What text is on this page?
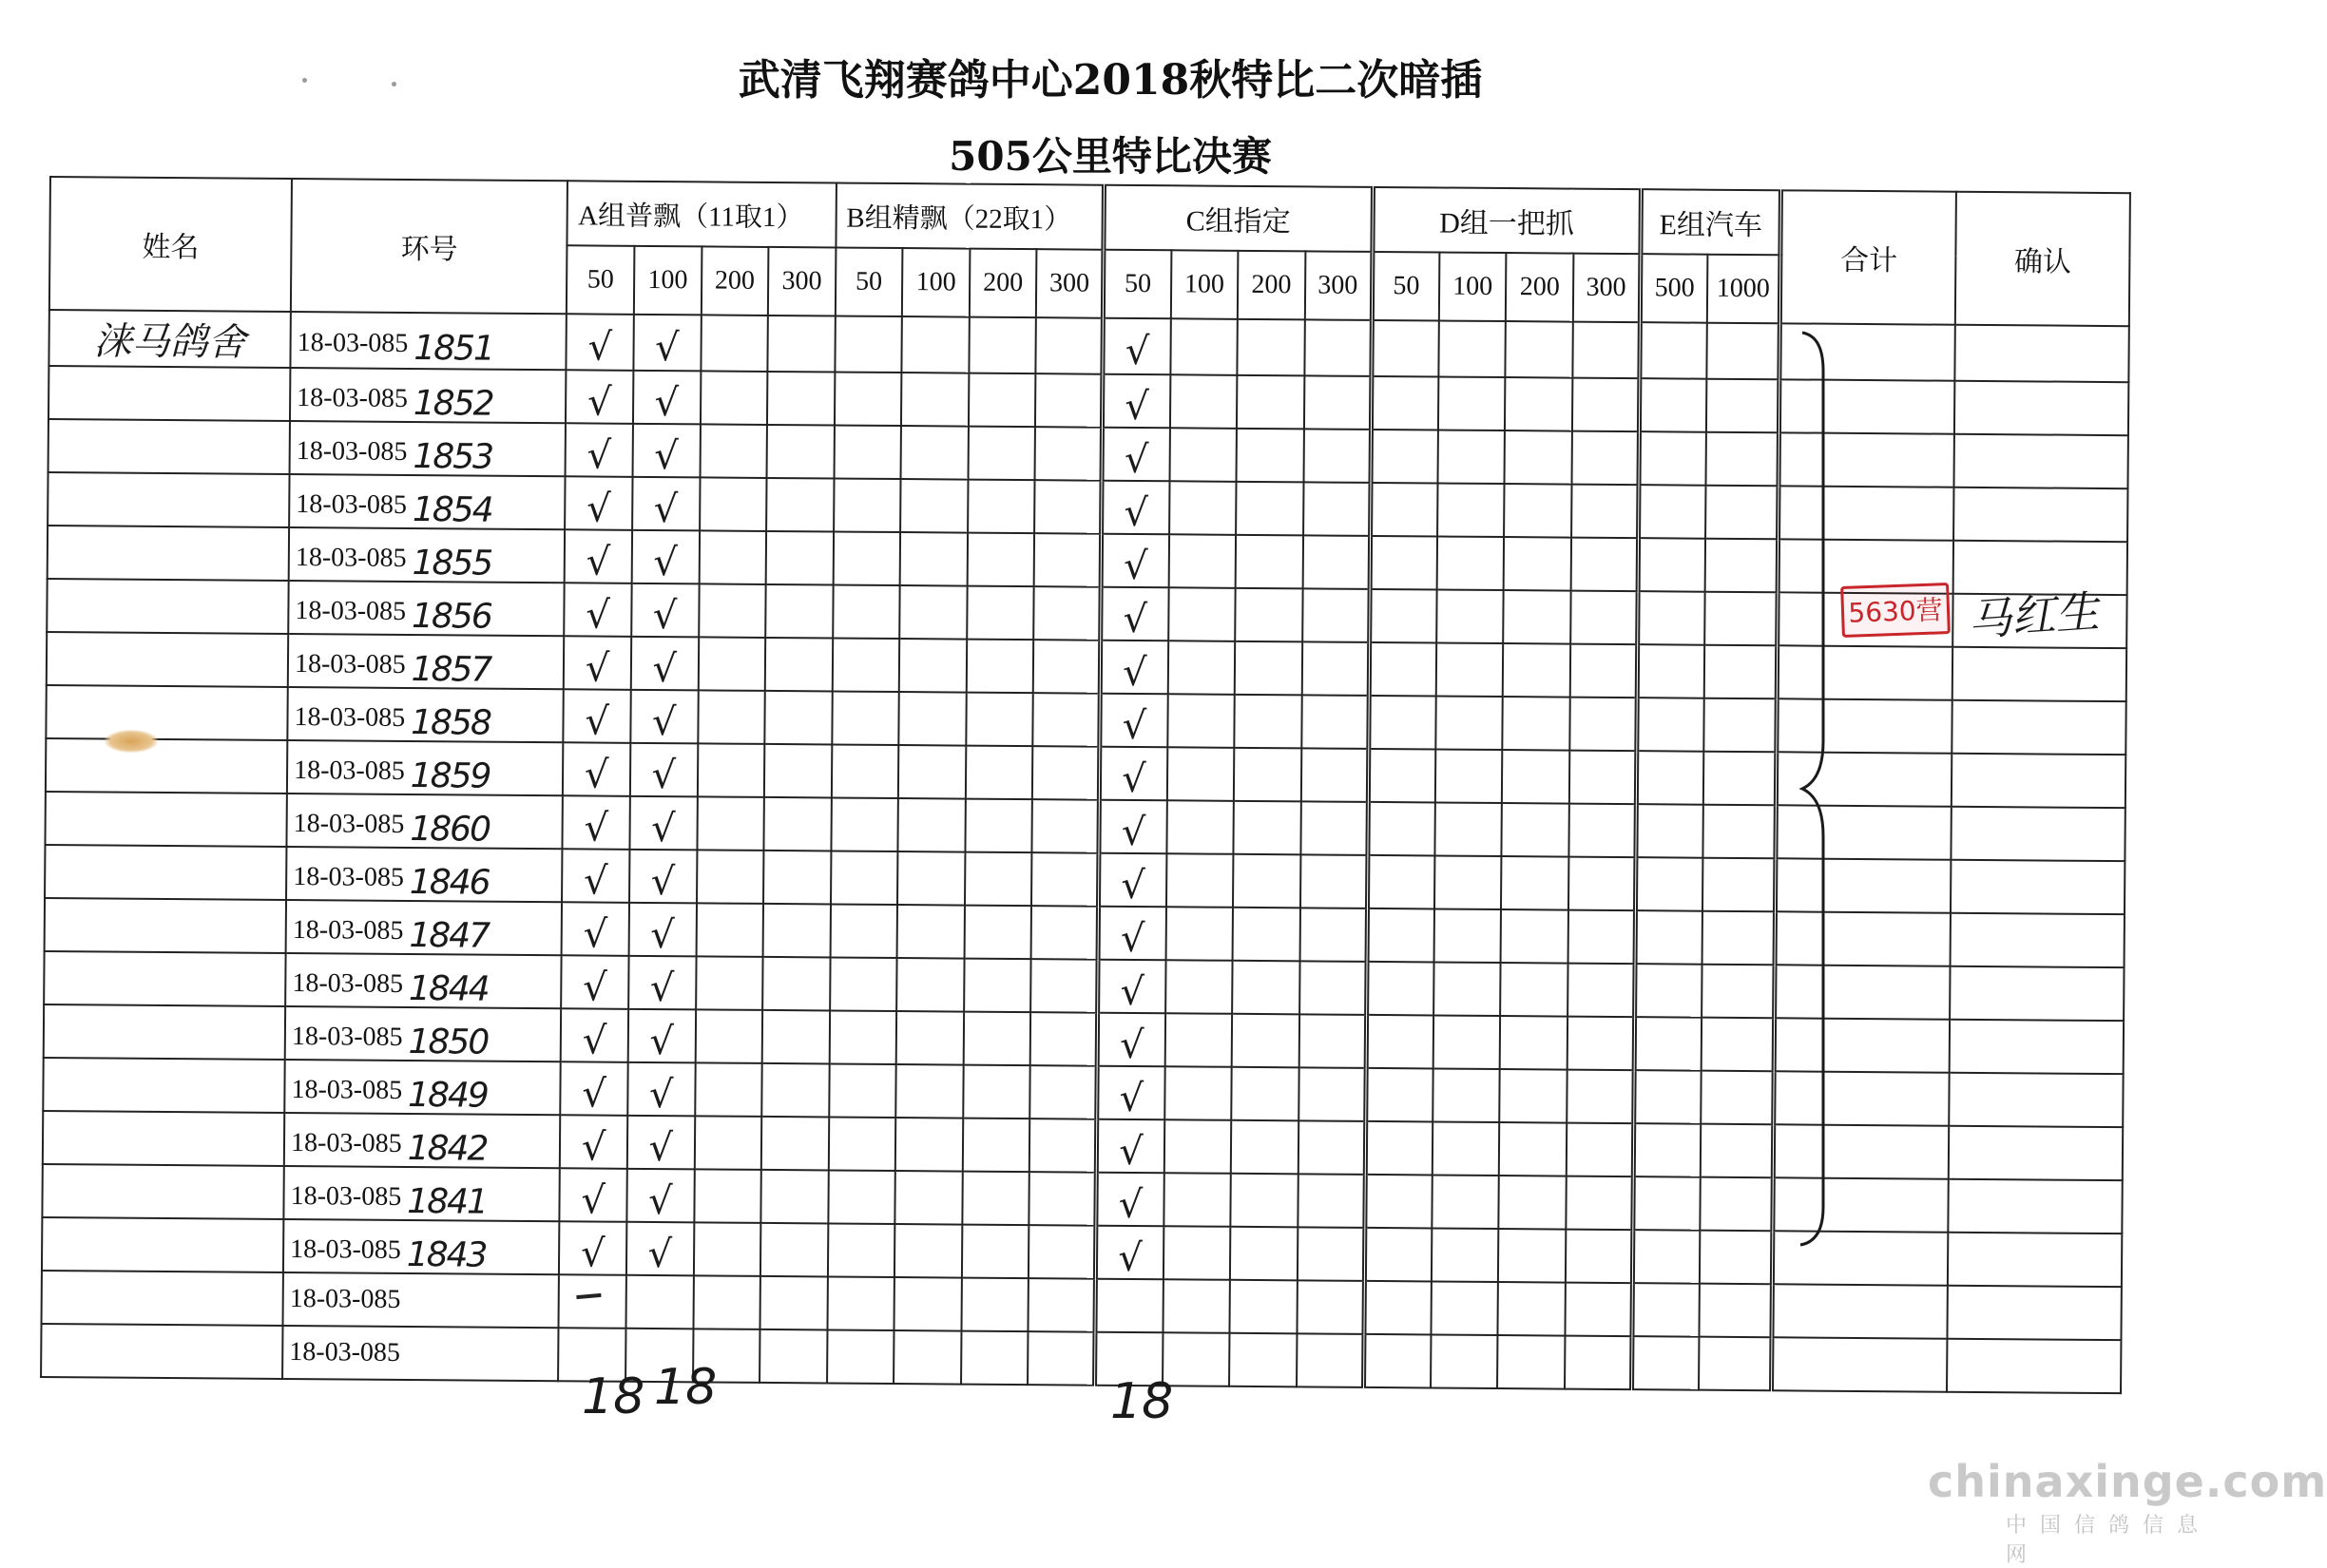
武清飞翔赛鸽中心2018秋特比二次暗插
505公里特比决赛
姓名	环号	A组普飘（11取1）				B组精飘（22取1）				C组指定				D组一把抓				E组汽车		合计	确认
		50	100	200	300	50	100	200	300	50	100	200	300	50	100	200	300	500	1000		
涞马鸽舍	18-03-085 1851	√	√							√											
	18-03-085 1852	√	√							√											
	18-03-085 1853	√	√							√											
	18-03-085 1854	√	√							√											
	18-03-085 1855	√	√							√											
	18-03-085 1856	√	√							√											
	18-03-085 1857	√	√							√											
	18-03-085 1858	√	√							√											
	18-03-085 1859	√	√							√											
	18-03-085 1860	√	√							√											
	18-03-085 1846	√	√							√											
	18-03-085 1847	√	√							√											
	18-03-085 1844	√	√							√											
	18-03-085 1850	√	√							√											
	18-03-085 1849	√	√							√											
	18-03-085 1842	√	√							√											
	18-03-085 1841	√	√							√											
	18-03-085 1843	√	√							√											
	18-03-085																				
	18-03-085																				
5630营 马红生
18 18	18
chinaxinge.com
中国信鸽信息网
